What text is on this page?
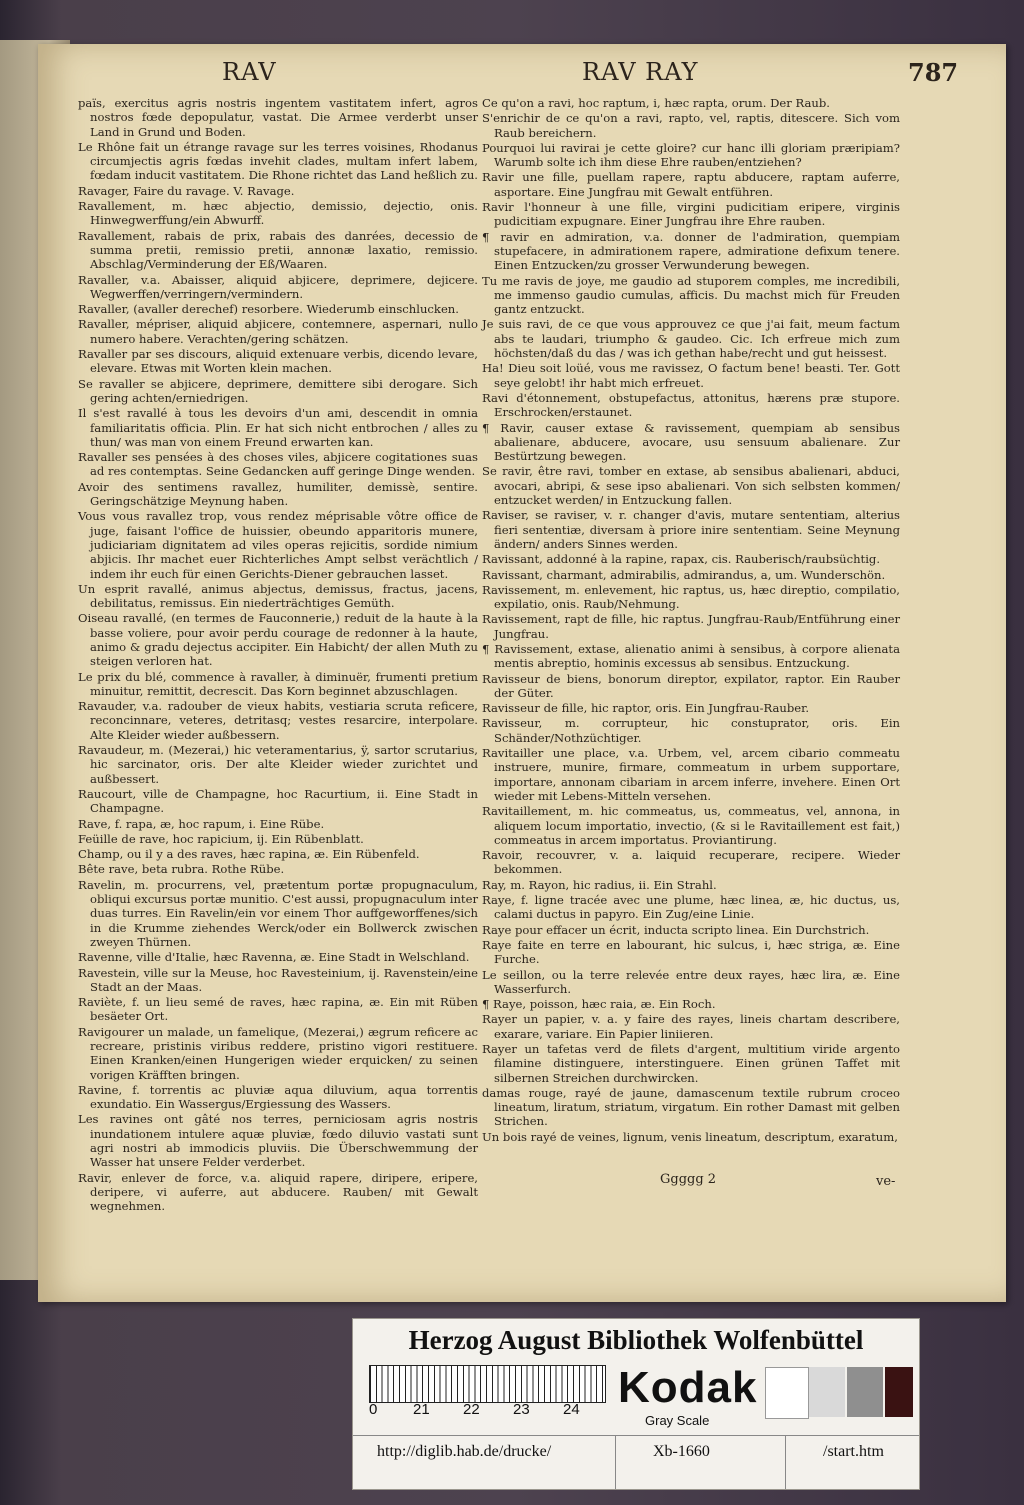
RAV	RAV RAY	787

païs, exercitus agris nostris ingentem vastitatem infert, agros nostros fœde depopulatur, vastat. Die Armee verderbt unser Land in Grund und Boden.

Le Rhône fait un étrange ravage sur les terres voisines, Rhodanus circumjectis agris fœdas invehit clades, multam infert labem, fœdam inducit vastitatem. Die Rhone richtet das Land heßlich zu.

Ravager, Faire du ravage. V. Ravage.

Ravallement, m. hæc abjectio, demissio, dejectio, onis. Hinwegwerffung/ein Abwurff.

Ravallement, rabais de prix, rabais des danrées, decessio de summa pretii, remissio pretii, annonæ laxatio, remissio. Abschlag/Verminderung der Eß/Waaren.

Ravaller, v.a. Abaisser, aliquid abjicere, deprimere, dejicere. Wegwerffen/verringern/vermindern.

Ravaller, (avaller derechef) resorbere. Wiederumb einschlucken.

Ravaller, mépriser, aliquid abjicere, contemnere, aspernari, nullo numero habere. Verachten/gering schätzen.

Ravaller par ses discours, aliquid extenuare verbis, dicendo levare, elevare. Etwas mit Worten klein machen.

Se ravaller se abjicere, deprimere, demittere sibi derogare. Sich gering achten/erniedrigen.

Il s'est ravallé à tous les devoirs d'un ami, descendit in omnia familiaritatis officia. Plin. Er hat sich nicht entbrochen / alles zu thun/ was man von einem Freund erwarten kan.

Ravaller ses pensées à des choses viles, abjicere cogitationes suas ad res contemptas. Seine Gedancken auff geringe Dinge wenden.

Avoir des sentimens ravallez, humiliter, demissè, sentire. Geringschätzige Meynung haben.

Vous vous ravallez trop, vous rendez méprisable vôtre office de juge, faisant l'office de huissier, obeundo apparitoris munere, judiciariam dignitatem ad viles operas rejicitis, sordide nimium abjicis. Ihr machet euer Richterliches Ampt selbst verächtlich / indem ihr euch für einen Gerichts-Diener gebrauchen lasset.

Un esprit ravallé, animus abjectus, demissus, fractus, jacens, debilitatus, remissus. Ein niederträchtiges Gemüth.

Oiseau ravallé, (en termes de Fauconnerie,) reduit de la haute à la basse voliere, pour avoir perdu courage de redonner à la haute, animo & gradu dejectus accipiter. Ein Habicht/ der allen Muth zu steigen verloren hat.

Le prix du blé, commence à ravaller, à diminuër, frumenti pretium minuitur, remittit, decrescit. Das Korn beginnet abzuschlagen.

Ravauder, v.a. radouber de vieux habits, vestiaria scruta reficere, reconcinnare, veteres, detritasq; vestes resarcire, interpolare. Alte Kleider wieder außbessern.

Ravaudeur, m. (Mezerai,) hic veteramentarius, ÿ, sartor scrutarius, hic sarcinator, oris. Der alte Kleider wieder zurichtet und außbessert.

Raucourt, ville de Champagne, hoc Racurtium, ii. Eine Stadt in Champagne.

Rave, f. rapa, æ, hoc rapum, i. Eine Rübe.

Feüille de rave, hoc rapicium, ij. Ein Rübenblatt.

Champ, ou il y a des raves, hæc rapina, æ. Ein Rübenfeld.

Bête rave, beta rubra. Rothe Rübe.

Ravelin, m. procurrens, vel, prætentum portæ propugnaculum, obliqui excursus portæ munitio. C'est aussi, propugnaculum inter duas turres. Ein Ravelin/ein vor einem Thor auffgeworffenes/sich in die Krumme ziehendes Werck/oder ein Bollwerck zwischen zweyen Thürnen.

Ravenne, ville d'Italie, hæc Ravenna, æ. Eine Stadt in Welschland.

Ravestein, ville sur la Meuse, hoc Ravesteinium, ij. Ravenstein/eine Stadt an der Maas.

Raviète, f. un lieu semé de raves, hæc rapina, æ. Ein mit Rüben besäeter Ort.

Ravigourer un malade, un famelique, (Mezerai,) ægrum reficere ac recreare, pristinis viribus reddere, pristino vigori restituere. Einen Kranken/einen Hungerigen wieder erquicken/ zu seinen vorigen Kräfften bringen.

Ravine, f. torrentis ac pluviæ aqua diluvium, aqua torrentis exundatio. Ein Wassergus/Ergiessung des Wassers.

Les ravines ont gâté nos terres, perniciosam agris nostris inundationem intulere aquæ pluviæ, fœdo diluvio vastati sunt agri nostri ab immodicis pluviis. Die Überschwemmung der Wasser hat unsere Felder verderbet.

Ravir, enlever de force, v.a. aliquid rapere, diripere, eripere, deripere, vi auferre, aut abducere. Rauben/ mit Gewalt wegnehmen.

Ce qu'on a ravi, hoc raptum, i, hæc rapta, orum. Der Raub.

S'enrichir de ce qu'on a ravi, rapto, vel, raptis, ditescere. Sich vom Raub bereichern.

Pourquoi lui ravirai je cette gloire? cur hanc illi gloriam præripiam? Warumb solte ich ihm diese Ehre rauben/entziehen?

Ravir une fille, puellam rapere, raptu abducere, raptam auferre, asportare. Eine Jungfrau mit Gewalt entführen.

Ravir l'honneur à une fille, virgini pudicitiam eripere, virginis pudicitiam expugnare. Einer Jungfrau ihre Ehre rauben.

¶ ravir en admiration, v.a. donner de l'admiration, quempiam stupefacere, in admirationem rapere, admiratione defixum tenere. Einen Entzucken/zu grosser Verwunderung bewegen.

Tu me ravis de joye, me gaudio ad stuporem comples, me incredibili, me immenso gaudio cumulas, afficis. Du machst mich für Freuden gantz entzuckt.

Je suis ravi, de ce que vous approuvez ce que j'ai fait, meum factum abs te laudari, triumpho & gaudeo. Cic. Ich erfreue mich zum höchsten/daß du das / was ich gethan habe/recht und gut heissest.

Ha! Dieu soit loüé, vous me ravissez, O factum bene! beasti. Ter. Gott seye gelobt! ihr habt mich erfreuet.

Ravi d'étonnement, obstupefactus, attonitus, hærens præ stupore. Erschrocken/erstaunet.

¶ Ravir, causer extase & ravissement, quempiam ab sensibus abalienare, abducere, avocare, usu sensuum abalienare. Zur Bestürtzung bewegen.

Se ravir, être ravi, tomber en extase, ab sensibus abalienari, abduci, avocari, abripi, & sese ipso abalienari. Von sich selbsten kommen/ entzucket werden/ in Entzuckung fallen.

Raviser, se raviser, v. r. changer d'avis, mutare sententiam, alterius fieri sententiæ, diversam à priore inire sententiam. Seine Meynung ändern/ anders Sinnes werden.

Ravissant, addonné à la rapine, rapax, cis. Rauberisch/raubsüchtig.

Ravissant, charmant, admirabilis, admirandus, a, um. Wunderschön.

Ravissement, m. enlevement, hic raptus, us, hæc direptio, compilatio, expilatio, onis. Raub/Nehmung.

Ravissement, rapt de fille, hic raptus. Jungfrau-Raub/Entführung einer Jungfrau.

¶ Ravissement, extase, alienatio animi à sensibus, à corpore alienata mentis abreptio, hominis excessus ab sensibus. Entzuckung.

Ravisseur de biens, bonorum direptor, expilator, raptor. Ein Rauber der Güter.

Ravisseur de fille, hic raptor, oris. Ein Jungfrau-Rauber.

Ravisseur, m. corrupteur, hic constuprator, oris. Ein Schänder/Nothzüchtiger.

Ravitailler une place, v.a. Urbem, vel, arcem cibario commeatu instruere, munire, firmare, commeatum in urbem supportare, importare, annonam cibariam in arcem inferre, invehere. Einen Ort wieder mit Lebens-Mitteln versehen.

Ravitaillement, m. hic commeatus, us, commeatus, vel, annona, in aliquem locum importatio, invectio, (& si le Ravitaillement est fait,) commeatus in arcem importatus. Proviantirung.

Ravoir, recouvrer, v. a. laiquid recuperare, recipere. Wieder bekommen.

Ray, m. Rayon, hic radius, ii. Ein Strahl.

Raye, f. ligne tracée avec une plume, hæc linea, æ, hic ductus, us, calami ductus in papyro. Ein Zug/eine Linie.

Raye pour effacer un écrit, inducta scripto linea. Ein Durchstrich.

Raye faite en terre en labourant, hic sulcus, i, hæc striga, æ. Eine Furche.

Le seillon, ou la terre relevée entre deux rayes, hæc lira, æ. Eine Wasserfurch.

¶ Raye, poisson, hæc raia, æ. Ein Roch.

Rayer un papier, v. a. y faire des rayes, lineis chartam describere, exarare, variare. Ein Papier liniieren.

Rayer un tafetas verd de filets d'argent, multitium viride argento filamine distinguere, interstinguere. Einen grünen Taffet mit silbernen Streichen durchwircken.

damas rouge, rayé de jaune, damascenum textile rubrum croceo lineatum, liratum, striatum, virgatum. Ein rother Damast mit gelben Strichen.

Un bois rayé de veines, lignum, venis lineatum, descriptum, exaratum,

Ggggg 2	ve-
Herzog August Bibliothek Wolfenbüttel
0 21 22 23 24 Kodak
Gray Scale
http://diglib.hab.de/drucke/	Xb-1660	/start.htm
